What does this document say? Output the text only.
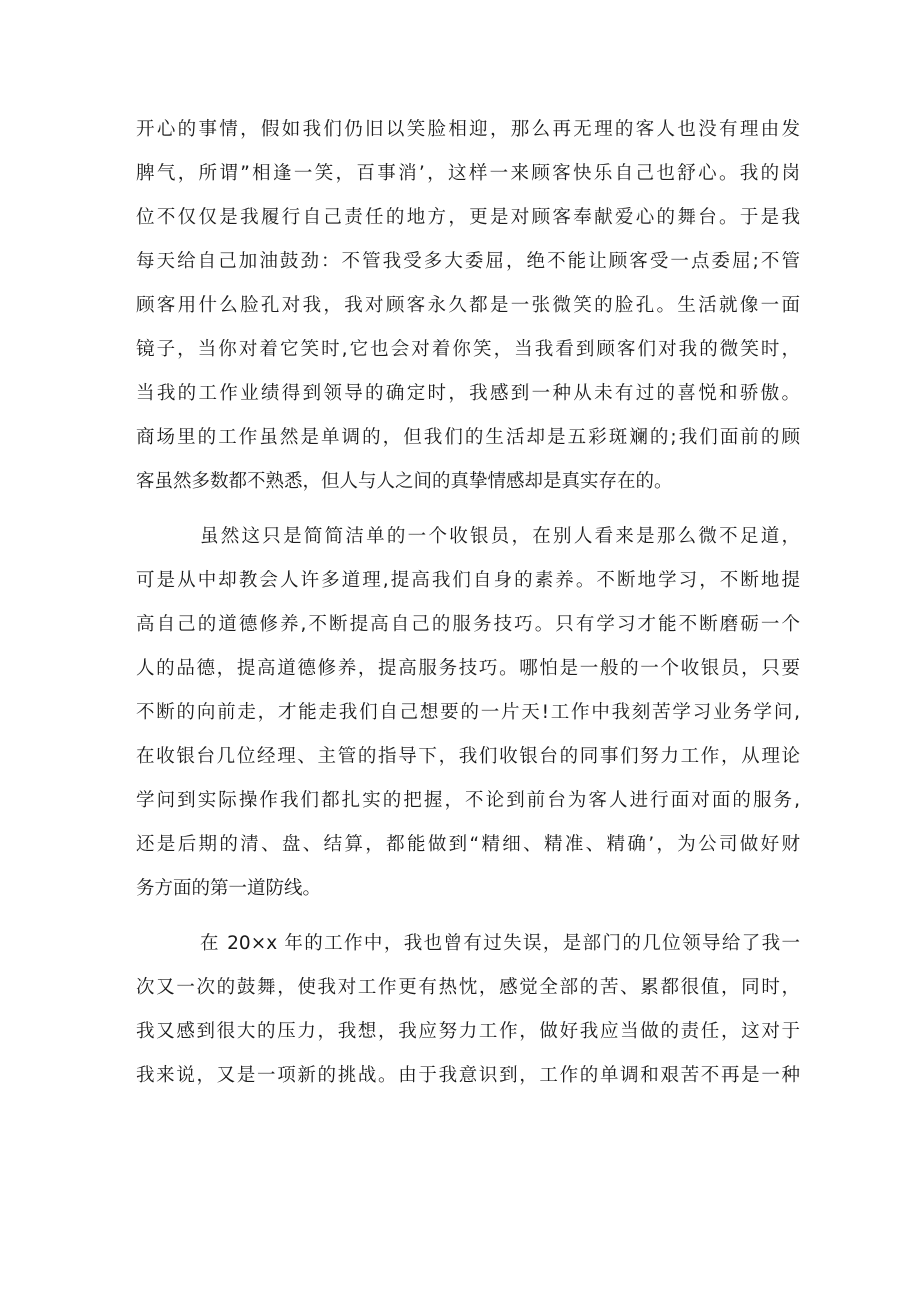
开心的事情，假如我们仍旧以笑脸相迎，那么再无理的客人也没有理由发
脾气，所谓”相逢一笑，百事消’，这样一来顾客快乐自己也舒心。我的岗
位不仅仅是我履行自己责任的地方，更是对顾客奉献爱心的舞台。于是我
每天给自己加油鼓劲：不管我受多大委屈，绝不能让顾客受一点委屈;不管
顾客用什么脸孔对我，我对顾客永久都是一张微笑的脸孔。生活就像一面
镜子，当你对着它笑时,它也会对着你笑，当我看到顾客们对我的微笑时，
当我的工作业绩得到领导的确定时，我感到一种从未有过的喜悦和骄傲。
商场里的工作虽然是单调的，但我们的生活却是五彩斑斓的;我们面前的顾
客虽然多数都不熟悉，但人与人之间的真挚情感却是真实存在的。
虽然这只是简简洁单的一个收银员，在别人看来是那么微不足道，
可是从中却教会人许多道理,提高我们自身的素养。不断地学习，不断地提
高自己的道德修养,不断提高自己的服务技巧。只有学习才能不断磨砺一个
人的品德，提高道德修养，提高服务技巧。哪怕是一般的一个收银员，只要
不断的向前走，才能走我们自己想要的一片天!工作中我刻苦学习业务学问,
在收银台几位经理、主管的指导下，我们收银台的同事们努力工作，从理论
学问到实际操作我们都扎实的把握，不论到前台为客人进行面对面的服务,
还是后期的清、盘、结算，都能做到“精细、精准、精确’，为公司做好财
务方面的第一道防线。
在 20×x 年的工作中，我也曾有过失误，是部门的几位领导给了我一
次又一次的鼓舞，使我对工作更有热忱，感觉全部的苦、累都很值，同时，
我又感到很大的压力，我想，我应努力工作，做好我应当做的责任，这对于
我来说，又是一项新的挑战。由于我意识到，工作的单调和艰苦不再是一种
